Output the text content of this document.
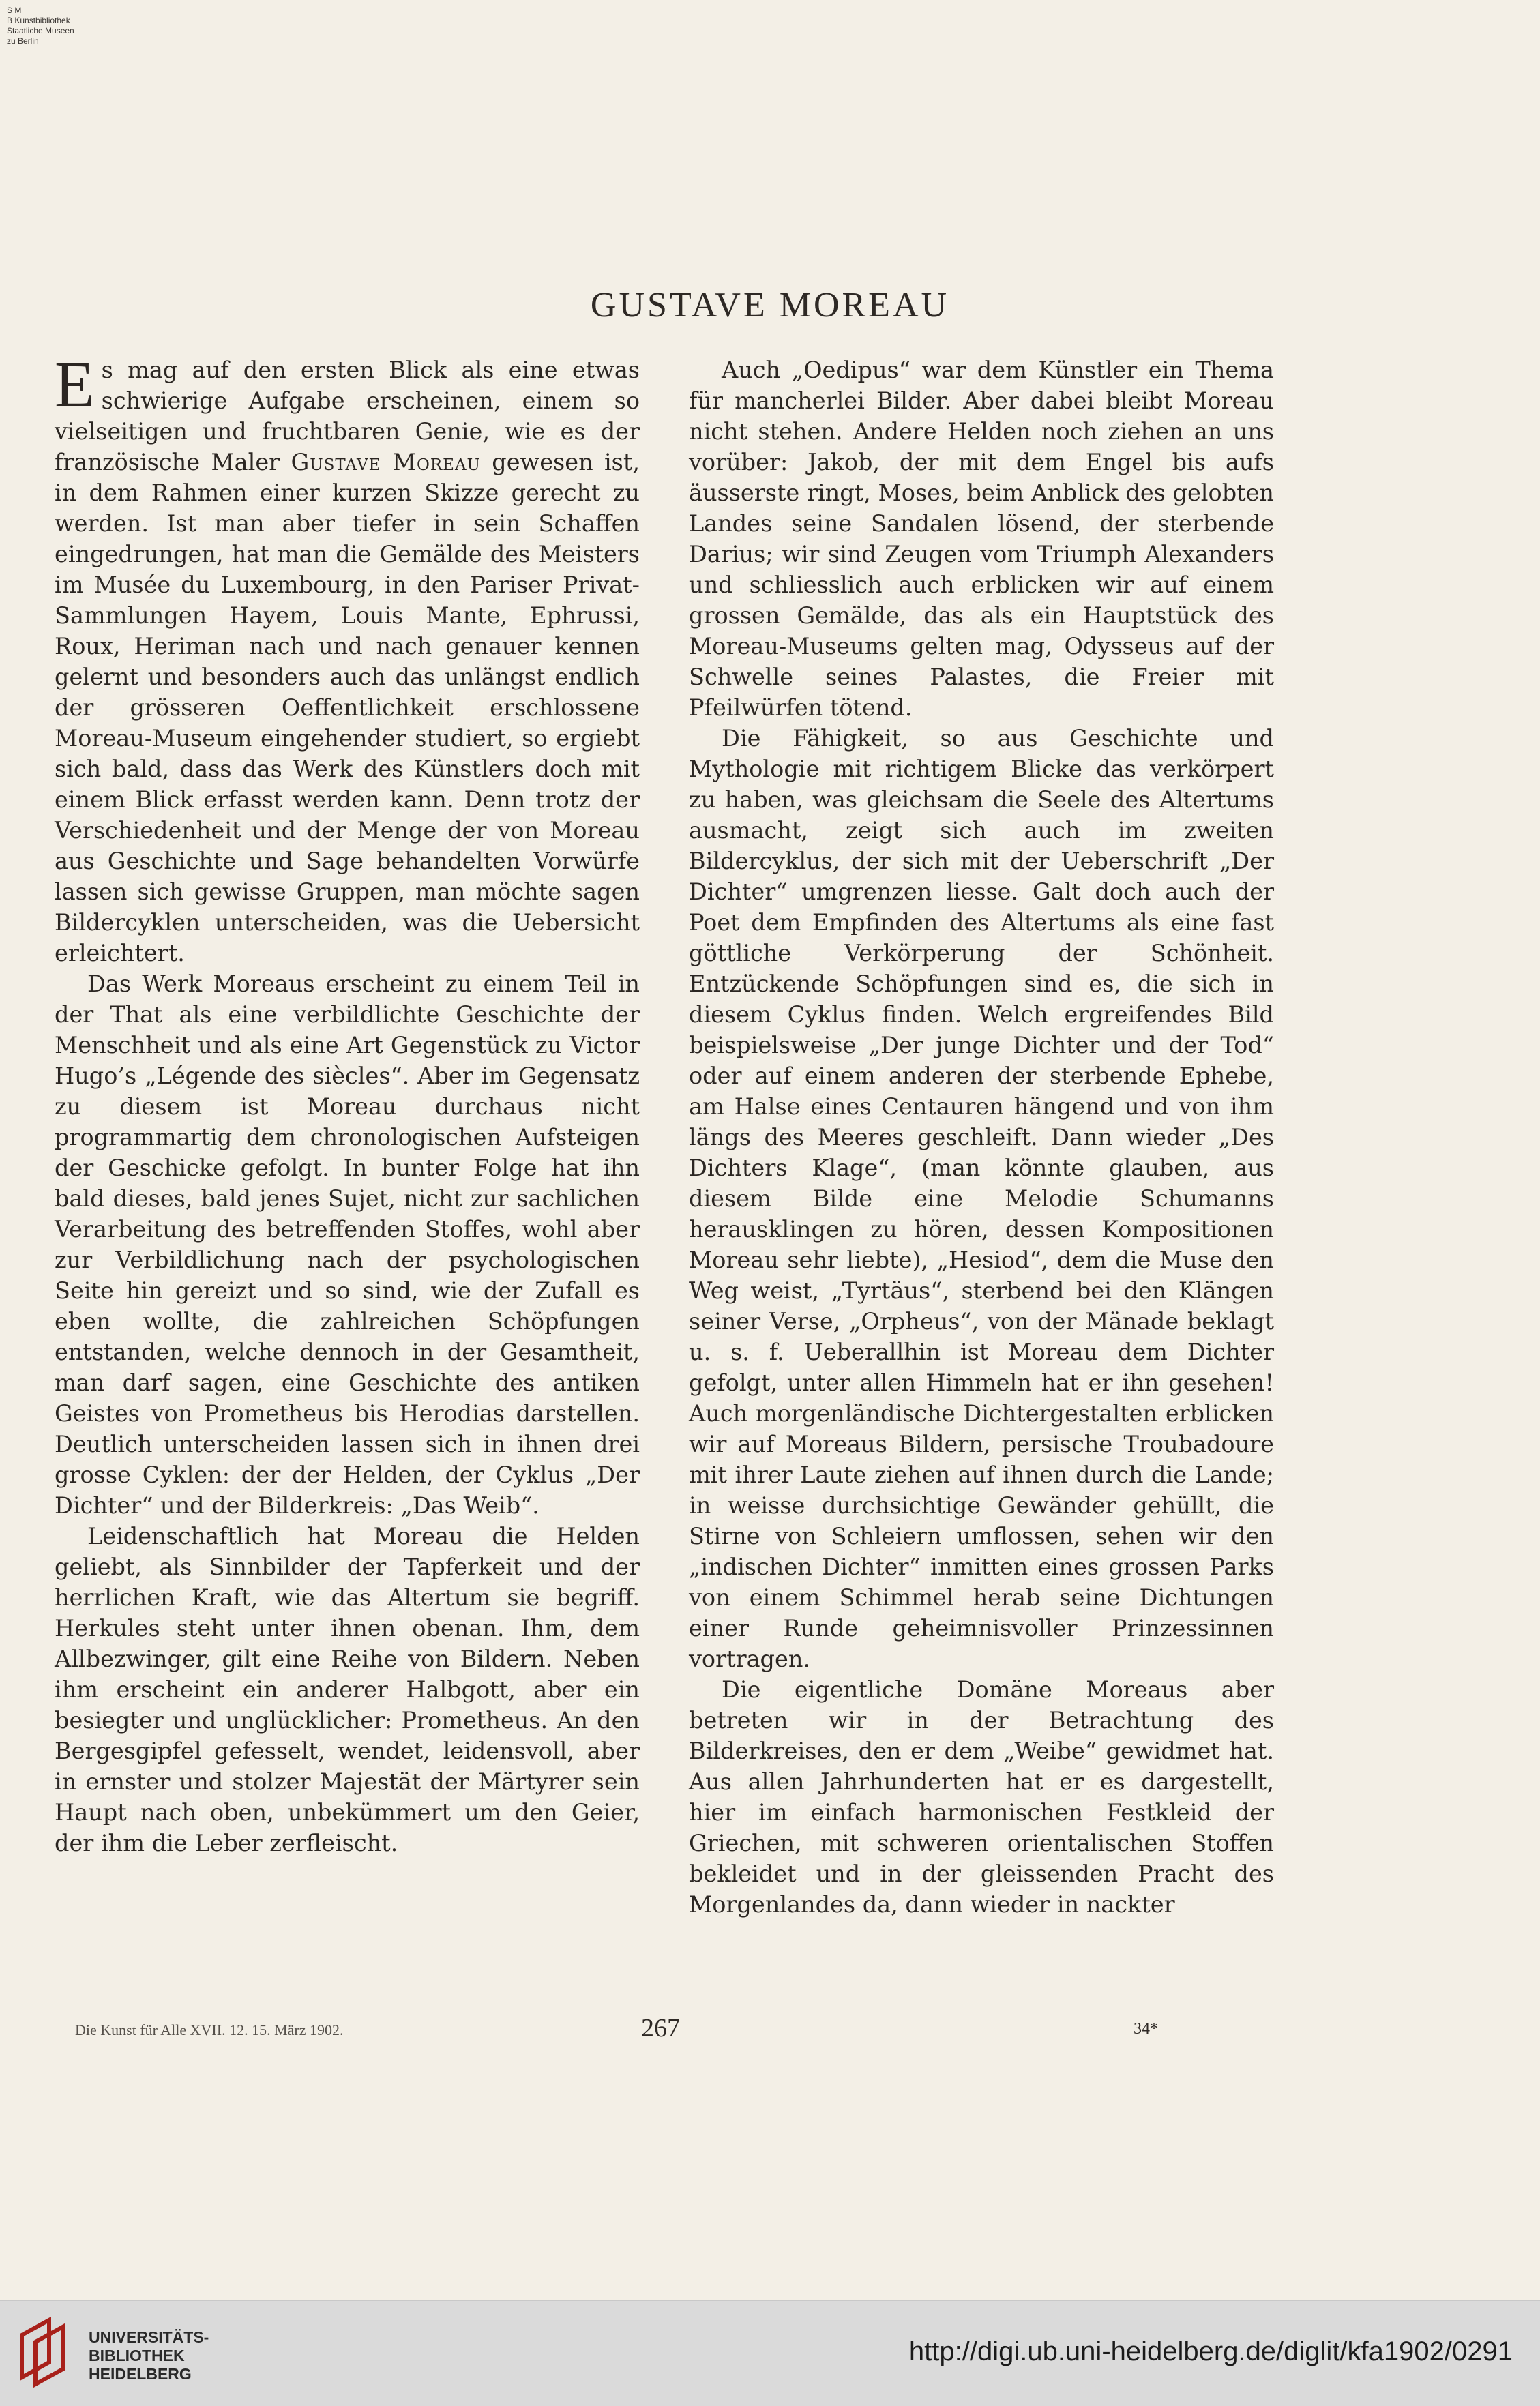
S M
B Kunstbibliothek
Staatliche Museen
zu Berlin
GUSTAVE MOREAU

Es mag auf den ersten Blick als eine etwas schwierige Aufgabe erscheinen, einem so vielseitigen und fruchtbaren Genie, wie es der französische Maler Gustave Moreau gewesen ist, in dem Rahmen einer kurzen Skizze gerecht zu werden. Ist man aber tiefer in sein Schaffen eingedrungen, hat man die Gemälde des Meisters im Musée du Luxembourg, in den Pariser Privat-Sammlungen Hayem, Louis Mante, Ephrussi, Roux, Heriman nach und nach genauer kennen gelernt und besonders auch das unlängst endlich der grösseren Oeffentlichkeit erschlossene Moreau-Museum eingehender studiert, so ergiebt sich bald, dass das Werk des Künstlers doch mit einem Blick erfasst werden kann. Denn trotz der Verschiedenheit und der Menge der von Moreau aus Geschichte und Sage behandelten Vorwürfe lassen sich gewisse Gruppen, man möchte sagen Bildercyklen unterscheiden, was die Uebersicht erleichtert.

Das Werk Moreaus erscheint zu einem Teil in der That als eine verbildlichte Geschichte der Menschheit und als eine Art Gegenstück zu Victor Hugo’s „Légende des siècles“. Aber im Gegensatz zu diesem ist Moreau durchaus nicht programmartig dem chronologischen Aufsteigen der Geschicke gefolgt. In bunter Folge hat ihn bald dieses, bald jenes Sujet, nicht zur sachlichen Verarbeitung des betreffenden Stoffes, wohl aber zur Verbildlichung nach der psychologischen Seite hin gereizt und so sind, wie der Zufall es eben wollte, die zahlreichen Schöpfungen entstanden, welche dennoch in der Gesamtheit, man darf sagen, eine Geschichte des antiken Geistes von Prometheus bis Herodias darstellen. Deutlich unterscheiden lassen sich in ihnen drei grosse Cyklen: der der Helden, der Cyklus „Der Dichter“ und der Bilderkreis: „Das Weib“.

Leidenschaftlich hat Moreau die Helden geliebt, als Sinnbilder der Tapferkeit und der herrlichen Kraft, wie das Altertum sie begriff. Herkules steht unter ihnen obenan. Ihm, dem Allbezwinger, gilt eine Reihe von Bildern. Neben ihm erscheint ein anderer Halbgott, aber ein besiegter und unglücklicher: Prometheus. An den Bergesgipfel gefesselt, wendet, leidensvoll, aber in ernster und stolzer Majestät der Märtyrer sein Haupt nach oben, unbekümmert um den Geier, der ihm die Leber zerfleischt.

Auch „Oedipus“ war dem Künstler ein Thema für mancherlei Bilder. Aber dabei bleibt Moreau nicht stehen. Andere Helden noch ziehen an uns vorüber: Jakob, der mit dem Engel bis aufs äusserste ringt, Moses, beim Anblick des gelobten Landes seine Sandalen lösend, der sterbende Darius; wir sind Zeugen vom Triumph Alexanders und schliesslich auch erblicken wir auf einem grossen Gemälde, das als ein Hauptstück des Moreau-Museums gelten mag, Odysseus auf der Schwelle seines Palastes, die Freier mit Pfeilwürfen tötend.

Die Fähigkeit, so aus Geschichte und Mythologie mit richtigem Blicke das verkörpert zu haben, was gleichsam die Seele des Altertums ausmacht, zeigt sich auch im zweiten Bildercyklus, der sich mit der Ueberschrift „Der Dichter“ umgrenzen liesse. Galt doch auch der Poet dem Empfinden des Altertums als eine fast göttliche Verkörperung der Schönheit. Entzückende Schöpfungen sind es, die sich in diesem Cyklus finden. Welch ergreifendes Bild beispielsweise „Der junge Dichter und der Tod“ oder auf einem anderen der sterbende Ephebe, am Halse eines Centauren hängend und von ihm längs des Meeres geschleift. Dann wieder „Des Dichters Klage“, (man könnte glauben, aus diesem Bilde eine Melodie Schumanns herausklingen zu hören, dessen Kompositionen Moreau sehr liebte), „Hesiod“, dem die Muse den Weg weist, „Tyrtäus“, sterbend bei den Klängen seiner Verse, „Orpheus“, von der Mänade beklagt u. s. f. Ueberallhin ist Moreau dem Dichter gefolgt, unter allen Himmeln hat er ihn gesehen! Auch morgenländische Dichtergestalten erblicken wir auf Moreaus Bildern, persische Troubadoure mit ihrer Laute ziehen auf ihnen durch die Lande; in weisse durchsichtige Gewänder gehüllt, die Stirne von Schleiern umflossen, sehen wir den „indischen Dichter“ inmitten eines grossen Parks von einem Schimmel herab seine Dichtungen einer Runde geheimnisvoller Prinzessinnen vortragen.

Die eigentliche Domäne Moreaus aber betreten wir in der Betrachtung des Bilderkreises, den er dem „Weibe“ gewidmet hat. Aus allen Jahrhunderten hat er es dargestellt, hier im einfach harmonischen Festkleid der Griechen, mit schweren orientalischen Stoffen bekleidet und in der gleissenden Pracht des Morgenlandes da, dann wieder in nackter

Die Kunst für Alle XVII. 12. 15. März 1902.	267	34*
UNIVERSITÄTS-
BIBLIOTHEK
HEIDELBERG
http://digi.ub.uni-heidelberg.de/diglit/kfa1902/0291
